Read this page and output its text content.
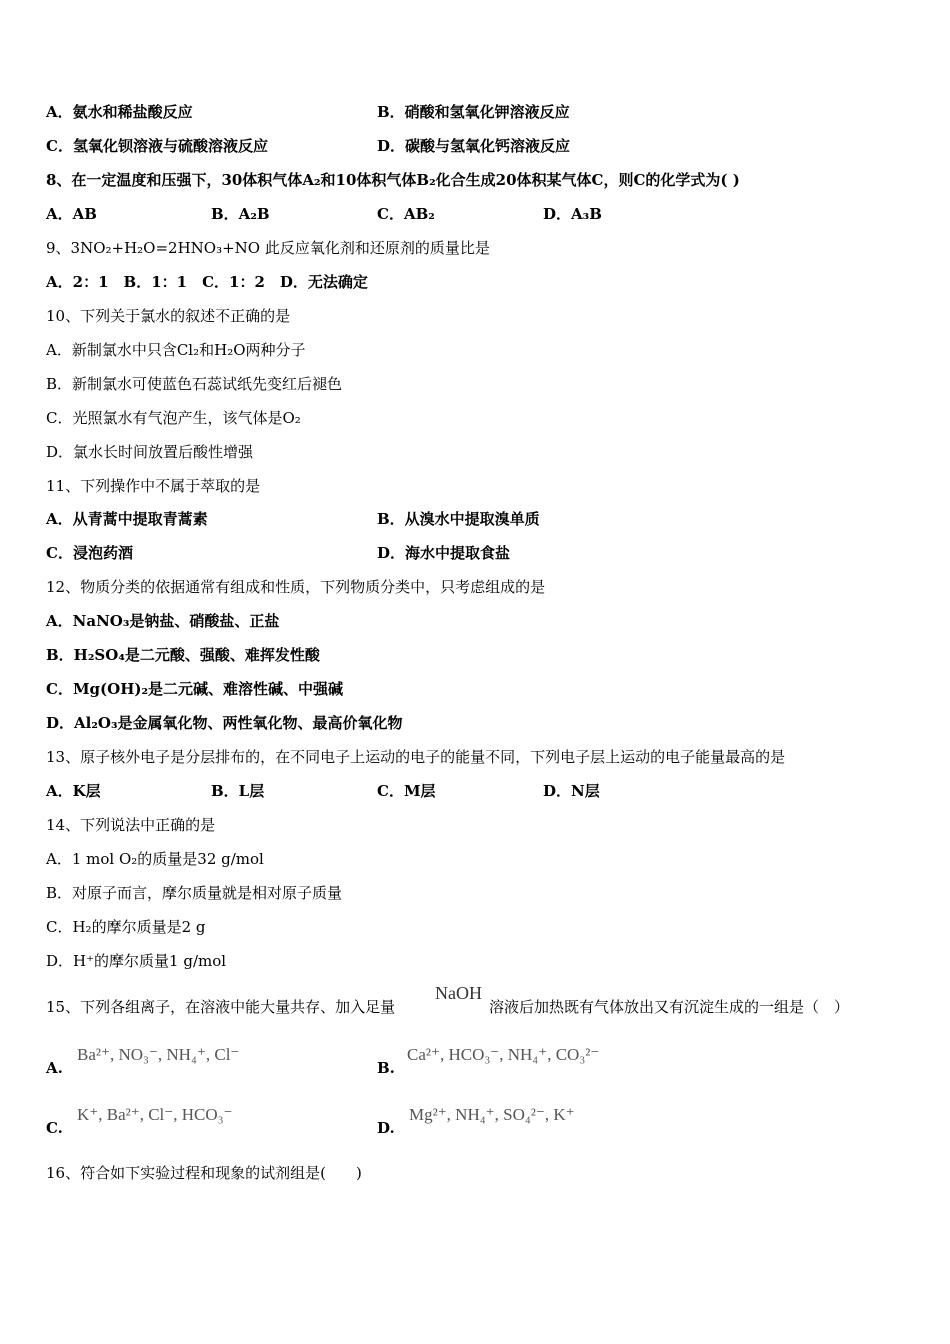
A．氨水和稀盐酸反应	B．硝酸和氢氧化钾溶液反应
C．氢氧化钡溶液与硫酸溶液反应	D．碳酸与氢氧化钙溶液反应
8、在一定温度和压强下，30体积气体A₂和10体积气体B₂化合生成20体积某气体C，则C的化学式为( )
A．AB	B．A₂B	C．AB₂	D．A₃B
9、3NO₂+H₂O=2HNO₃+NO 此反应氧化剂和还原剂的质量比是
A．2：1　B．1：1　C．1：2　D．无法确定
10、下列关于氯水的叙述不正确的是
A．新制氯水中只含Cl₂和H₂O两种分子
B．新制氯水可使蓝色石蕊试纸先变红后褪色
C．光照氯水有气泡产生，该气体是O₂
D．氯水长时间放置后酸性增强
11、下列操作中不属于萃取的是
A．从青蒿中提取青蒿素	B．从溴水中提取溴单质
C．浸泡药酒	D．海水中提取食盐
12、物质分类的依据通常有组成和性质，下列物质分类中，只考虑组成的是
A．NaNO₃是钠盐、硝酸盐、正盐
B．H₂SO₄是二元酸、强酸、难挥发性酸
C．Mg(OH)₂是二元碱、难溶性碱、中强碱
D．Al₂O₃是金属氧化物、两性氧化物、最高价氧化物
13、原子核外电子是分层排布的，在不同电子上运动的电子的能量不同，下列电子层上运动的电子能量最高的是
A．K层	B．L层	C．M层	D．N层
14、下列说法中正确的是
A．1 mol O₂的质量是32 g/mol
B．对原子而言，摩尔质量就是相对原子质量
C．H₂的摩尔质量是2 g
D．H⁺的摩尔质量1 g/mol
15、下列各组离子，在溶液中能大量共存、加入足量
NaOH
溶液后加热既有气体放出又有沉淀生成的一组是（　）
A.
Ba²⁺, NO₃⁻, NH₄⁺, Cl⁻
B.
Ca²⁺, HCO₃⁻, NH₄⁺, CO₃²⁻
C.
K⁺, Ba²⁺, Cl⁻, HCO₃⁻
D.
Mg²⁺, NH₄⁺, SO₄²⁻, K⁺
16、符合如下实验过程和现象的试剂组是(　　)
